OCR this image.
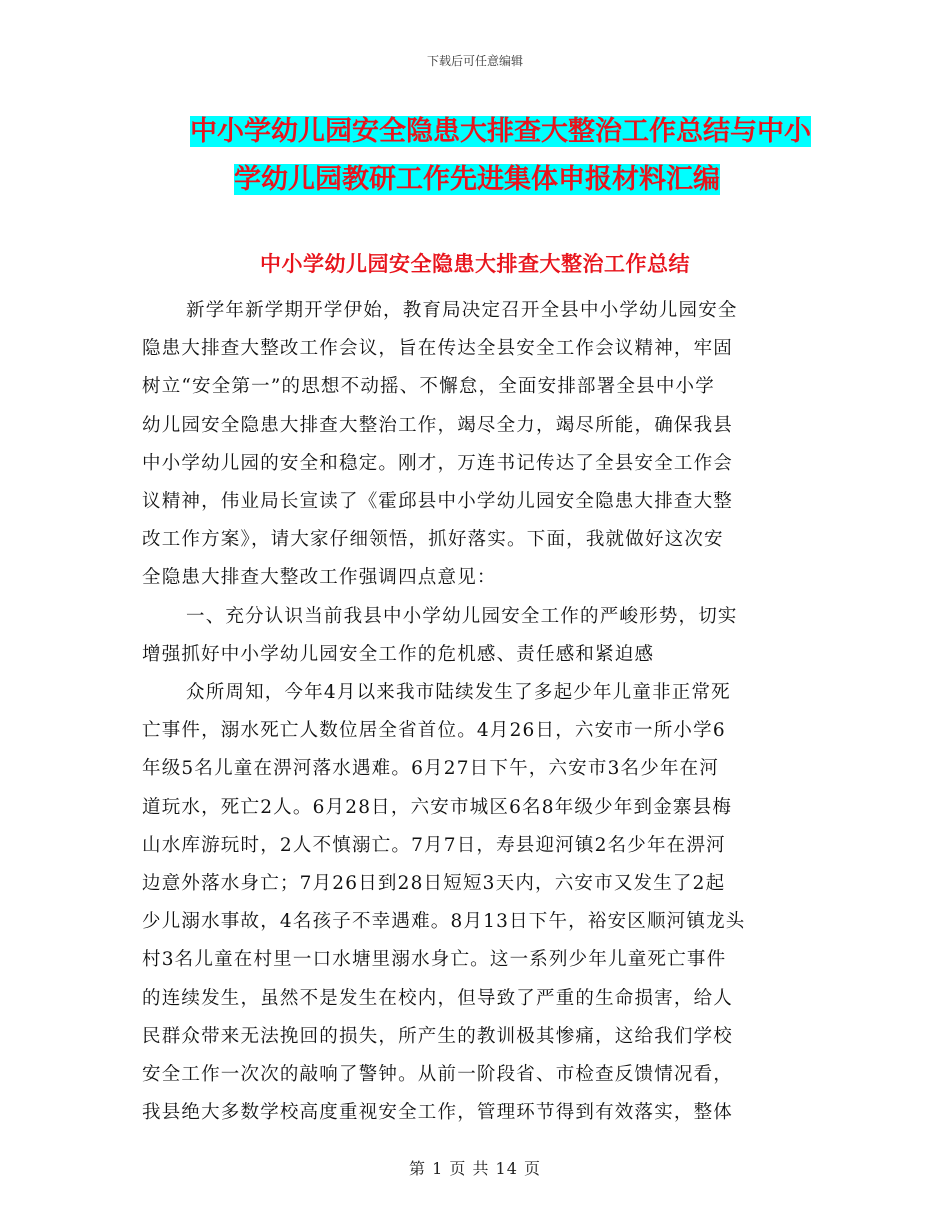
下载后可任意编辑
中小学幼儿园安全隐患大排查大整治工作总结与中小
学幼儿园教研工作先进集体申报材料汇编
中小学幼儿园安全隐患大排查大整治工作总结
新学年新学期开学伊始，教育局决定召开全县中小学幼儿园安全
隐患大排查大整改工作会议，旨在传达全县安全工作会议精神，牢固
树立“安全第一”的思想不动摇、不懈怠，全面安排部署全县中小学
幼儿园安全隐患大排查大整治工作，竭尽全力，竭尽所能，确保我县
中小学幼儿园的安全和稳定。刚才，万连书记传达了全县安全工作会
议精神，伟业局长宣读了《霍邱县中小学幼儿园安全隐患大排查大整
改工作方案》，请大家仔细领悟，抓好落实。下面，我就做好这次安
全隐患大排查大整改工作强调四点意见：
一、充分认识当前我县中小学幼儿园安全工作的严峻形势，切实
增强抓好中小学幼儿园安全工作的危机感、责任感和紧迫感
众所周知，今年4月以来我市陆续发生了多起少年儿童非正常死
亡事件，溺水死亡人数位居全省首位。4月26日，六安市一所小学6
年级5名儿童在淠河落水遇难。6月27日下午，六安市3名少年在河
道玩水，死亡2人。6月28日，六安市城区6名8年级少年到金寨县梅
山水库游玩时，2人不慎溺亡。7月7日，寿县迎河镇2名少年在淠河
边意外落水身亡；7月26日到28日短短3天内，六安市又发生了2起
少儿溺水事故，4名孩子不幸遇难。8月13日下午，裕安区顺河镇龙头
村3名儿童在村里一口水塘里溺水身亡。这一系列少年儿童死亡事件
的连续发生，虽然不是发生在校内，但导致了严重的生命损害，给人
民群众带来无法挽回的损失，所产生的教训极其惨痛，这给我们学校
安全工作一次次的敲响了警钟。从前一阶段省、市检查反馈情况看，
我县绝大多数学校高度重视安全工作，管理环节得到有效落实，整体
第 1 页 共 14 页
